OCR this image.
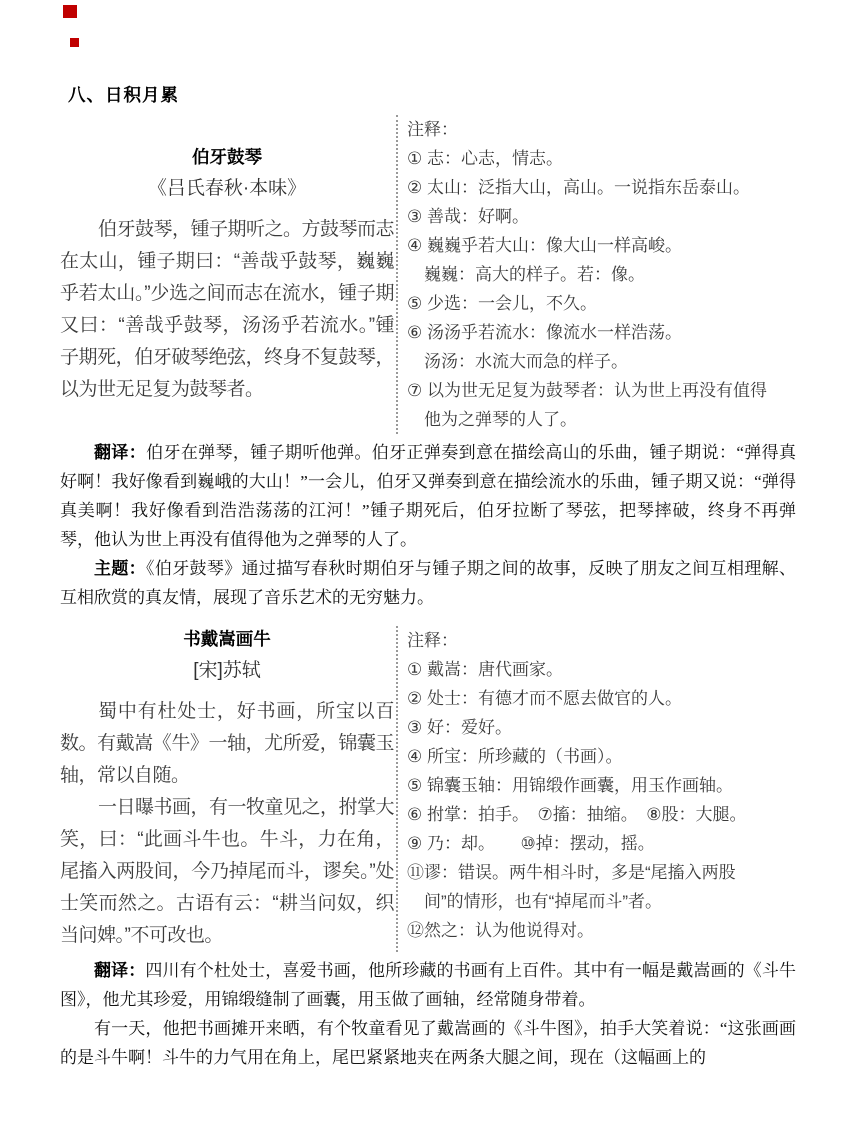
八、日积月累
伯牙鼓琴
《吕氏春秋·本味》

伯牙鼓琴，锺子期听之。方鼓琴而志在太山，锺子期曰：“善哉乎鼓琴，巍巍乎若太山。”少选之间而志在流水，锺子期又曰：“善哉乎鼓琴，汤汤乎若流水。”锺子期死，伯牙破琴绝弦，终身不复鼓琴，以为世无足复为鼓琴者。

注释：
① 志：心志，情志。
② 太山：泛指大山，高山。一说指东岳泰山。
③ 善哉：好啊。
④ 巍巍乎若大山：像大山一样高峻。
巍巍：高大的样子。若：像。
⑤ 少选：一会儿，不久。
⑥ 汤汤乎若流水：像流水一样浩荡。
汤汤：水流大而急的样子。
⑦ 以为世无足复为鼓琴者：认为世上再没有值得
他为之弹琴的人了。

翻译：伯牙在弹琴，锺子期听他弹。伯牙正弹奏到意在描绘高山的乐曲，锺子期说：“弹得真好啊！我好像看到巍峨的大山！”一会儿，伯牙又弹奏到意在描绘流水的乐曲，锺子期又说：“弹得真美啊！我好像看到浩浩荡荡的江河！”锺子期死后，伯牙拉断了琴弦，把琴摔破，终身不再弹琴，他认为世上再没有值得他为之弹琴的人了。

主题：《伯牙鼓琴》通过描写春秋时期伯牙与锺子期之间的故事，反映了朋友之间互相理解、互相欣赏的真友情，展现了音乐艺术的无穷魅力。

书戴嵩画牛
[宋]苏轼

蜀中有杜处士，好书画，所宝以百数。有戴嵩《牛》一轴，尤所爱，锦囊玉轴，常以自随。

一日曝书画，有一牧童见之，拊掌大笑，曰：“此画斗牛也。牛斗，力在角，尾搐入两股间，今乃掉尾而斗，谬矣。”处士笑而然之。古语有云：“耕当问奴，织当问婢。”不可改也。

注释：
① 戴嵩：唐代画家。
② 处士：有德才而不愿去做官的人。
③ 好：爱好。
④ 所宝：所珍藏的（书画）。
⑤ 锦囊玉轴：用锦缎作画囊，用玉作画轴。
⑥ 拊掌：拍手。　⑦搐：抽缩。　⑧股：大腿。
⑨ 乃：却。　　⑩掉：摆动，摇。
⑪谬：错误。两牛相斗时，多是“尾搐入两股
间”的情形，也有“掉尾而斗”者。
⑫然之：认为他说得对。

翻译：四川有个杜处士，喜爱书画，他所珍藏的书画有上百件。其中有一幅是戴嵩画的《斗牛图》，他尤其珍爱，用锦缎缝制了画囊，用玉做了画轴，经常随身带着。

有一天，他把书画摊开来晒，有个牧童看见了戴嵩画的《斗牛图》，拍手大笑着说：“这张画画的是斗牛啊！斗牛的力气用在角上，尾巴紧紧地夹在两条大腿之间，现在（这幅画上的
